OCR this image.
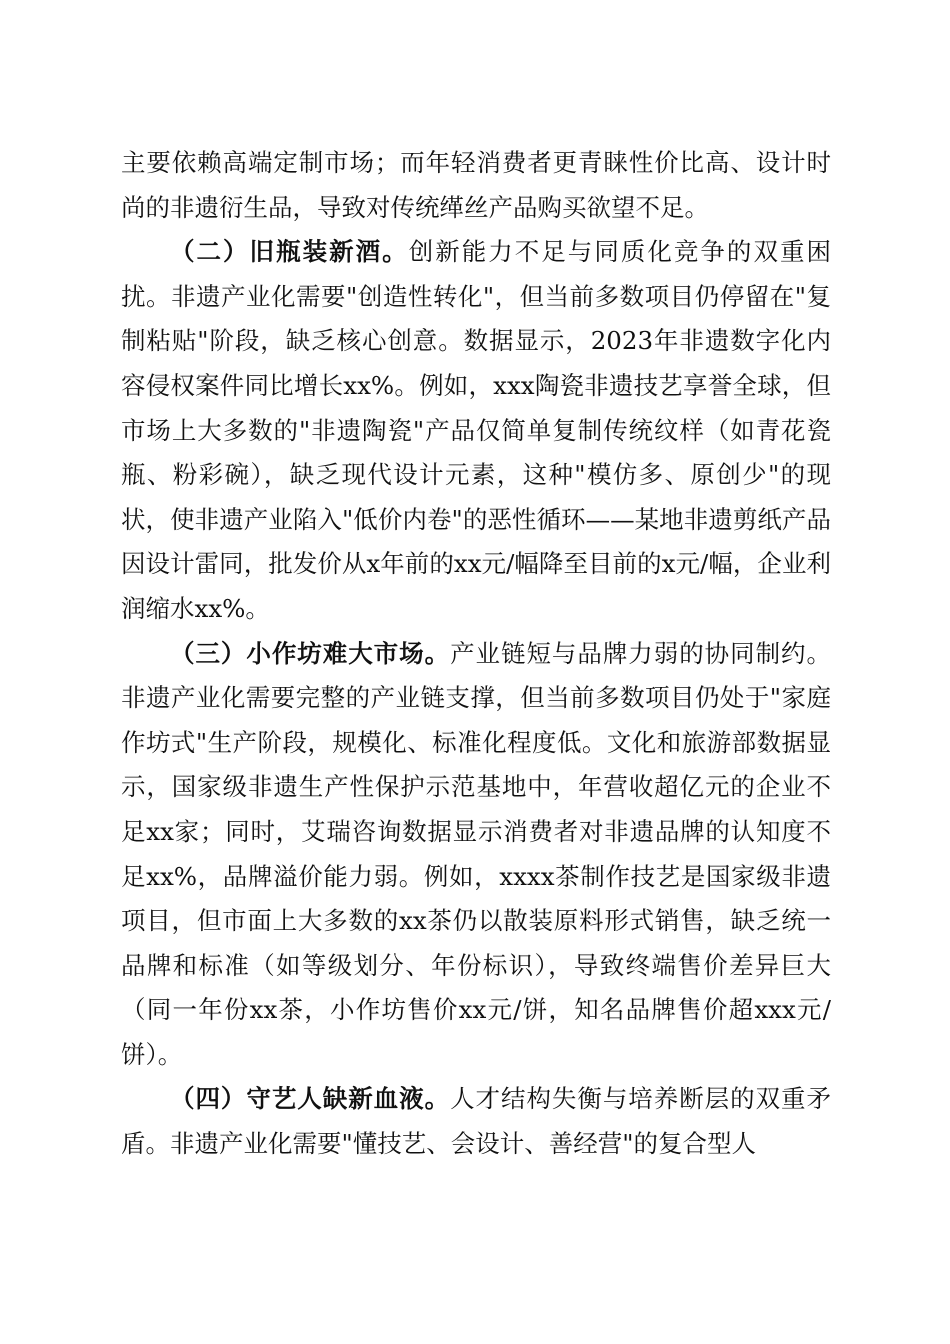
主要依赖高端定制市场；而年轻消费者更青睐性价比高、设计时尚的非遗衍生品，导致对传统缂丝产品购买欲望不足。

（二）旧瓶装新酒。创新能力不足与同质化竞争的双重困扰。非遗产业化需要"创造性转化"，但当前多数项目仍停留在"复制粘贴"阶段，缺乏核心创意。数据显示，2023年非遗数字化内容侵权案件同比增长xx%。例如，xxx陶瓷非遗技艺享誉全球，但市场上大多数的"非遗陶瓷"产品仅简单复制传统纹样（如青花瓷瓶、粉彩碗），缺乏现代设计元素，这种"模仿多、原创少"的现状，使非遗产业陷入"低价内卷"的恶性循环——某地非遗剪纸产品因设计雷同，批发价从x年前的xx元/幅降至目前的x元/幅，企业利润缩水xx%。

（三）小作坊难大市场。产业链短与品牌力弱的协同制约。非遗产业化需要完整的产业链支撑，但当前多数项目仍处于"家庭作坊式"生产阶段，规模化、标准化程度低。文化和旅游部数据显示，国家级非遗生产性保护示范基地中，年营收超亿元的企业不足xx家；同时，艾瑞咨询数据显示消费者对非遗品牌的认知度不足xx%，品牌溢价能力弱。例如，xxxx茶制作技艺是国家级非遗项目，但市面上大多数的xx茶仍以散装原料形式销售，缺乏统一品牌和标准（如等级划分、年份标识），导致终端售价差异巨大（同一年份xx茶，小作坊售价xx元/饼，知名品牌售价超xxx元/饼）。

（四）守艺人缺新血液。人才结构失衡与培养断层的双重矛盾。非遗产业化需要"懂技艺、会设计、善经营"的复合型人
